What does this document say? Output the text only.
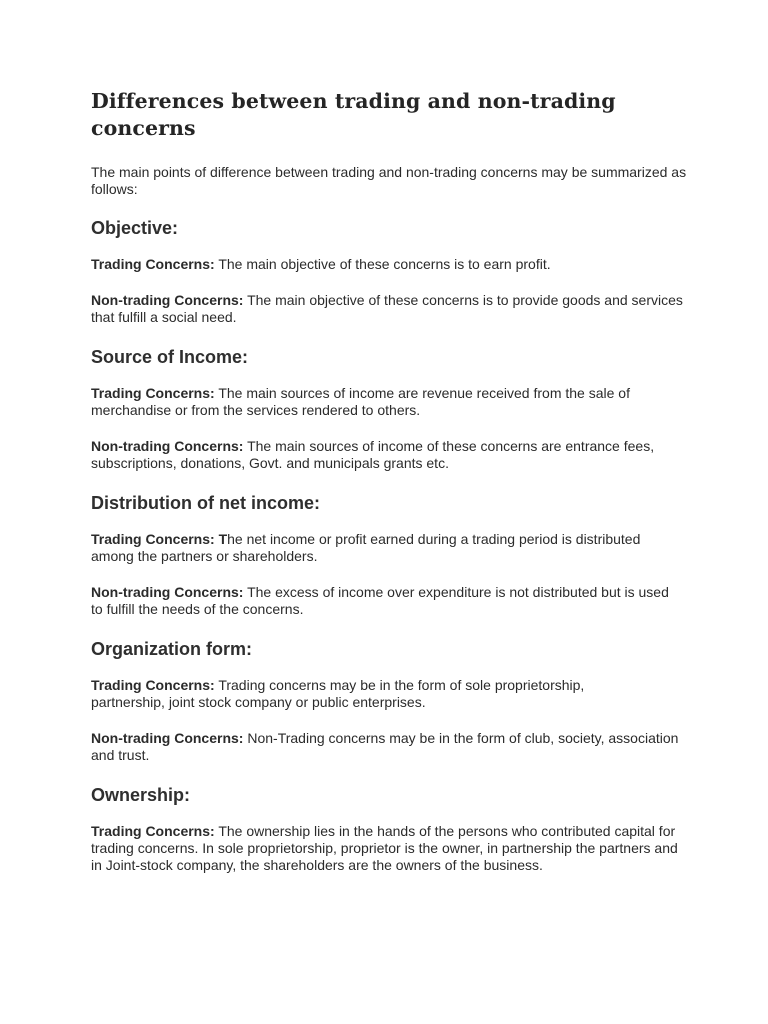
Differences between trading and non-trading concerns

The main points of difference between trading and non-trading concerns may be summarized as follows:

Objective:

Trading Concerns: The main objective of these concerns is to earn profit.

Non-trading Concerns: The main objective of these concerns is to provide goods and services that fulfill a social need.

Source of Income:

Trading Concerns: The main sources of income are revenue received from the sale of merchandise or from the services rendered to others.

Non-trading Concerns: The main sources of income of these concerns are entrance fees, subscriptions, donations, Govt. and municipals grants etc.

Distribution of net income:

Trading Concerns: The net income or profit earned during a trading period is distributed among the partners or shareholders.

Non-trading Concerns: The excess of income over expenditure is not distributed but is used to fulfill the needs of the concerns.

Organization form:

Trading Concerns: Trading concerns may be in the form of sole proprietorship, partnership, joint stock company or public enterprises.

Non-trading Concerns: Non-Trading concerns may be in the form of club, society, association and trust.

Ownership:

Trading Concerns: The ownership lies in the hands of the persons who contributed capital for trading concerns. In sole proprietorship, proprietor is the owner, in partnership the partners and in Joint-stock company, the shareholders are the owners of the business.
